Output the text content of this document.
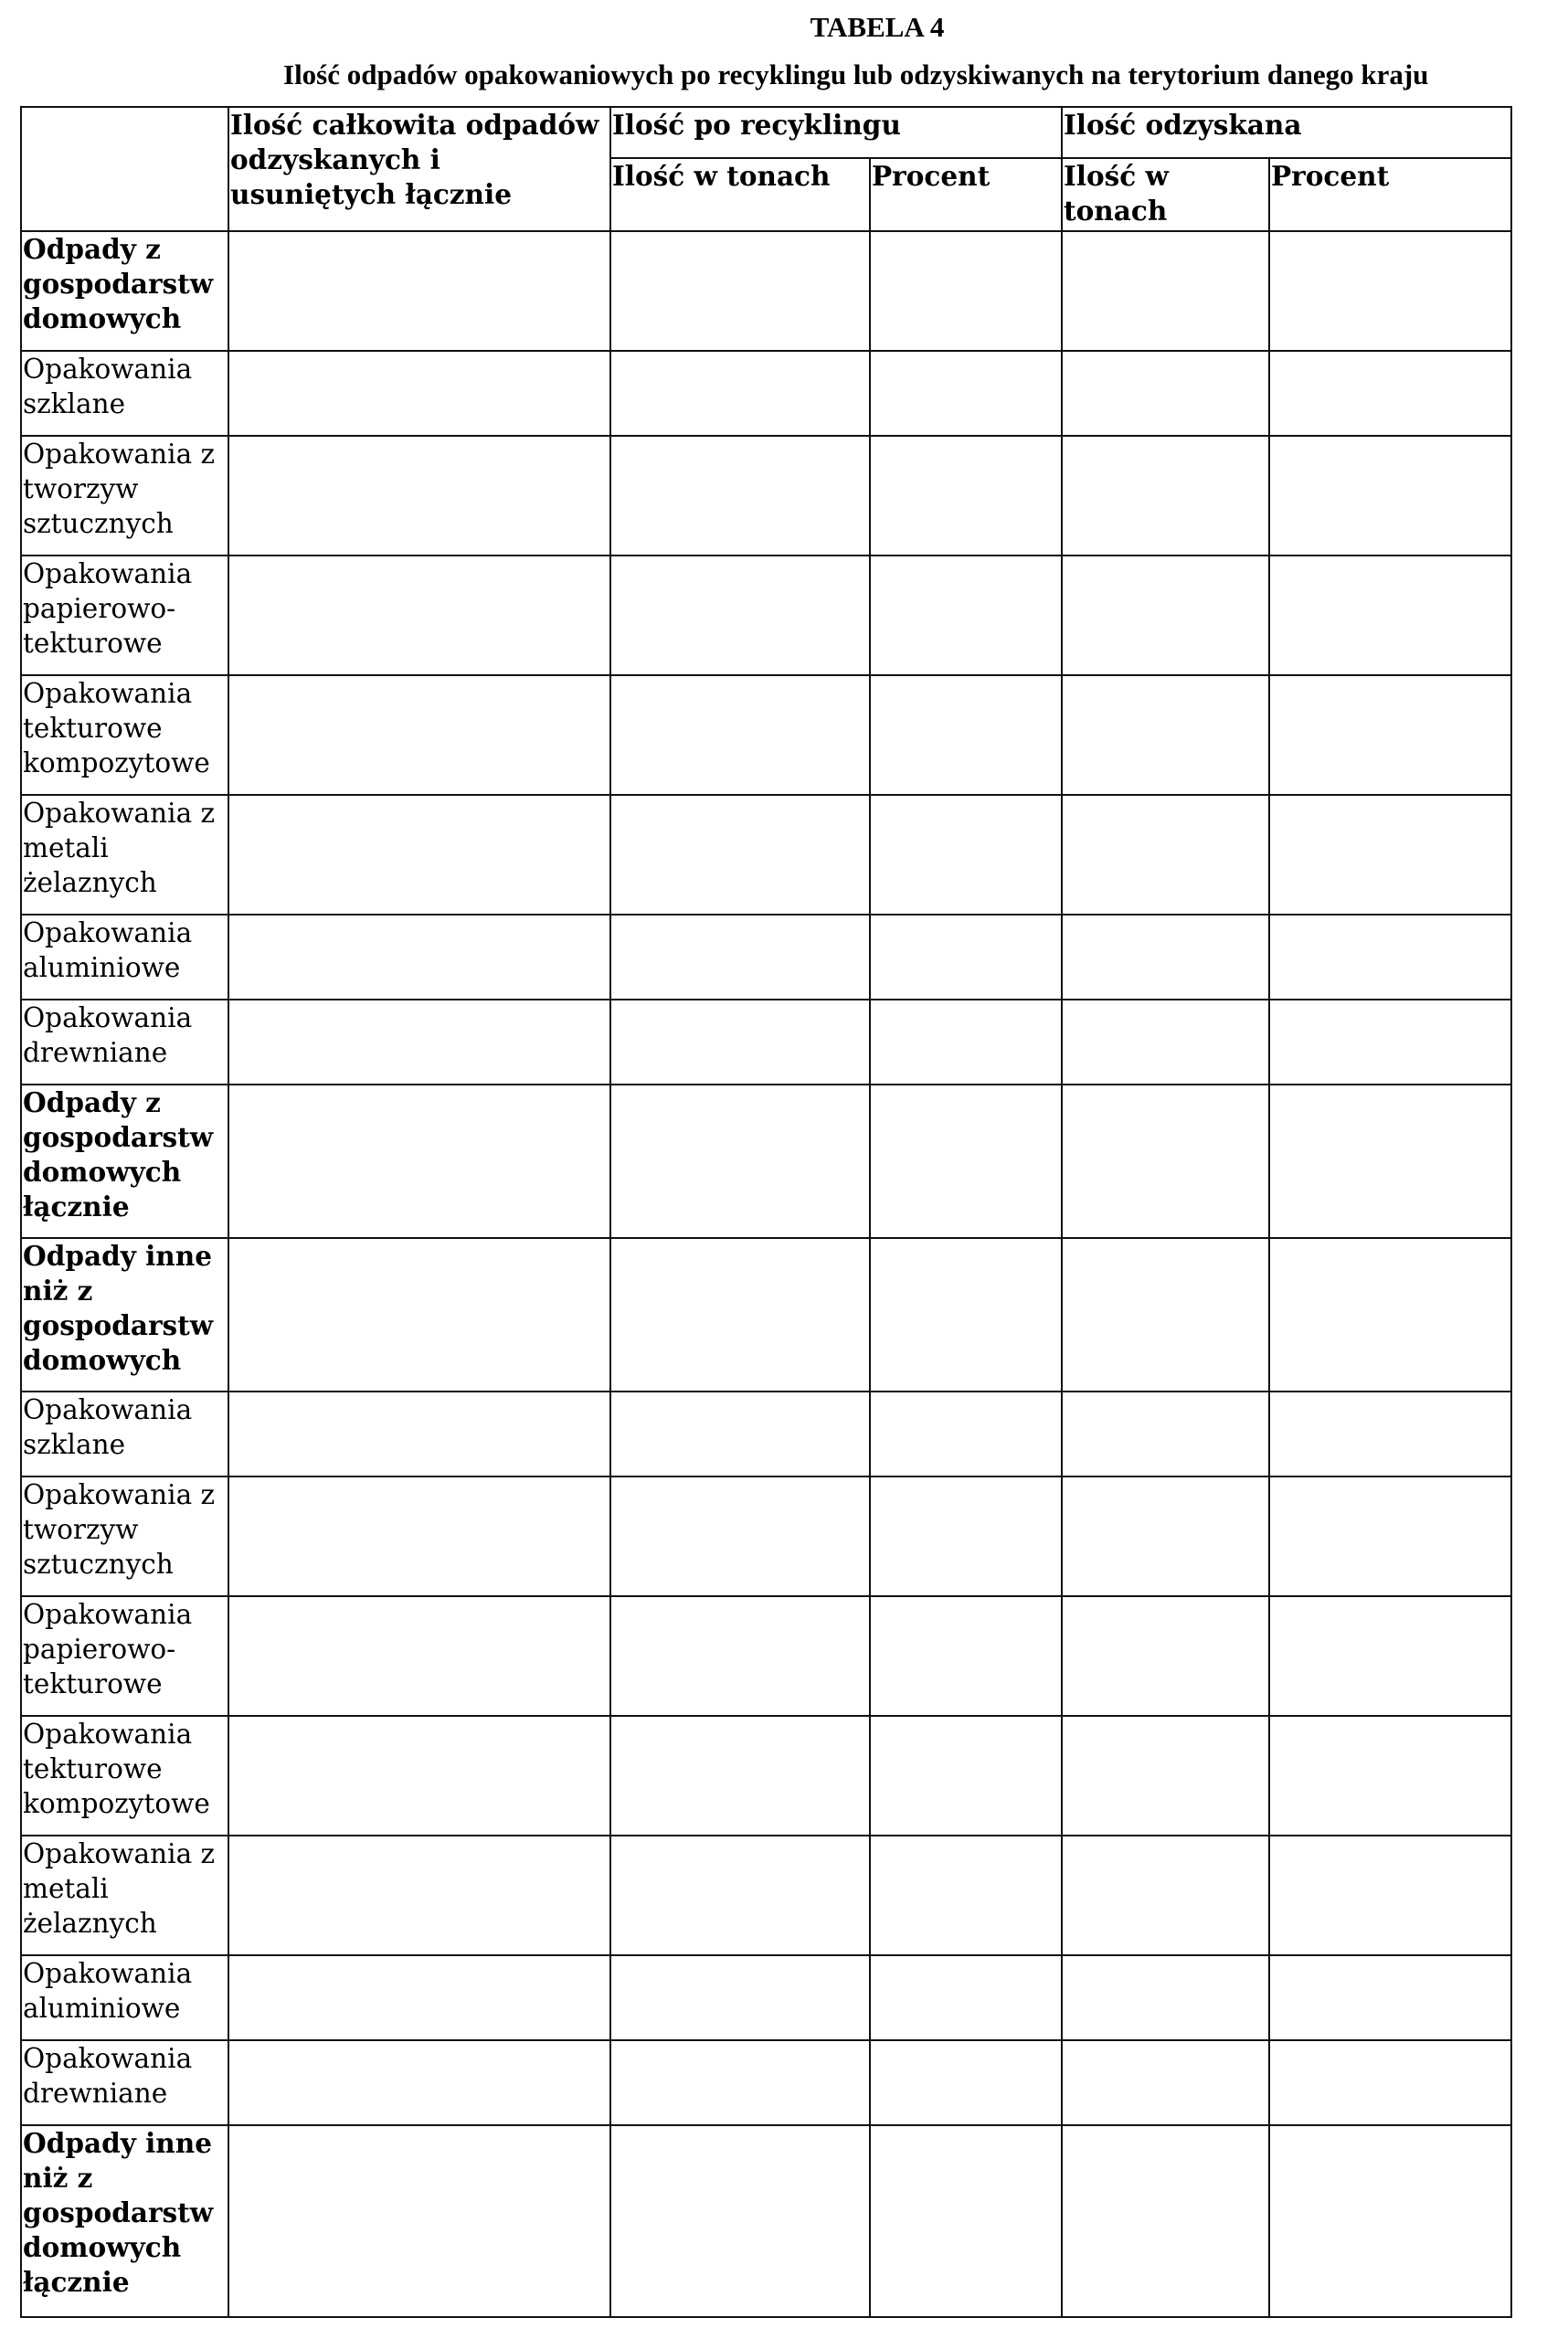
TABELA 4
Ilość odpadów opakowaniowych po recyklingu lub odzyskiwanych na terytorium danego kraju
	Ilość całkowita odpadów odzyskanych i usuniętych łącznie	Ilość po recyklingu		Ilość odzyskana	
		Ilość w tonach	Procent	Ilość w tonach	Procent
Odpady z gospodarstw domowych					
Opakowania szklane					
Opakowania z tworzyw sztucznych					
Opakowania papierowo-tekturowe					
Opakowania tekturowe kompozytowe					
Opakowania z metali żelaznych					
Opakowania aluminiowe					
Opakowania drewniane					
Odpady z gospodarstw domowych łącznie					
Odpady inne niż z gospodarstw domowych					
Opakowania szklane					
Opakowania z tworzyw sztucznych					
Opakowania papierowo-tekturowe					
Opakowania tekturowe kompozytowe					
Opakowania z metali żelaznych					
Opakowania aluminiowe					
Opakowania drewniane					
Odpady inne niż z gospodarstw domowych łącznie					
